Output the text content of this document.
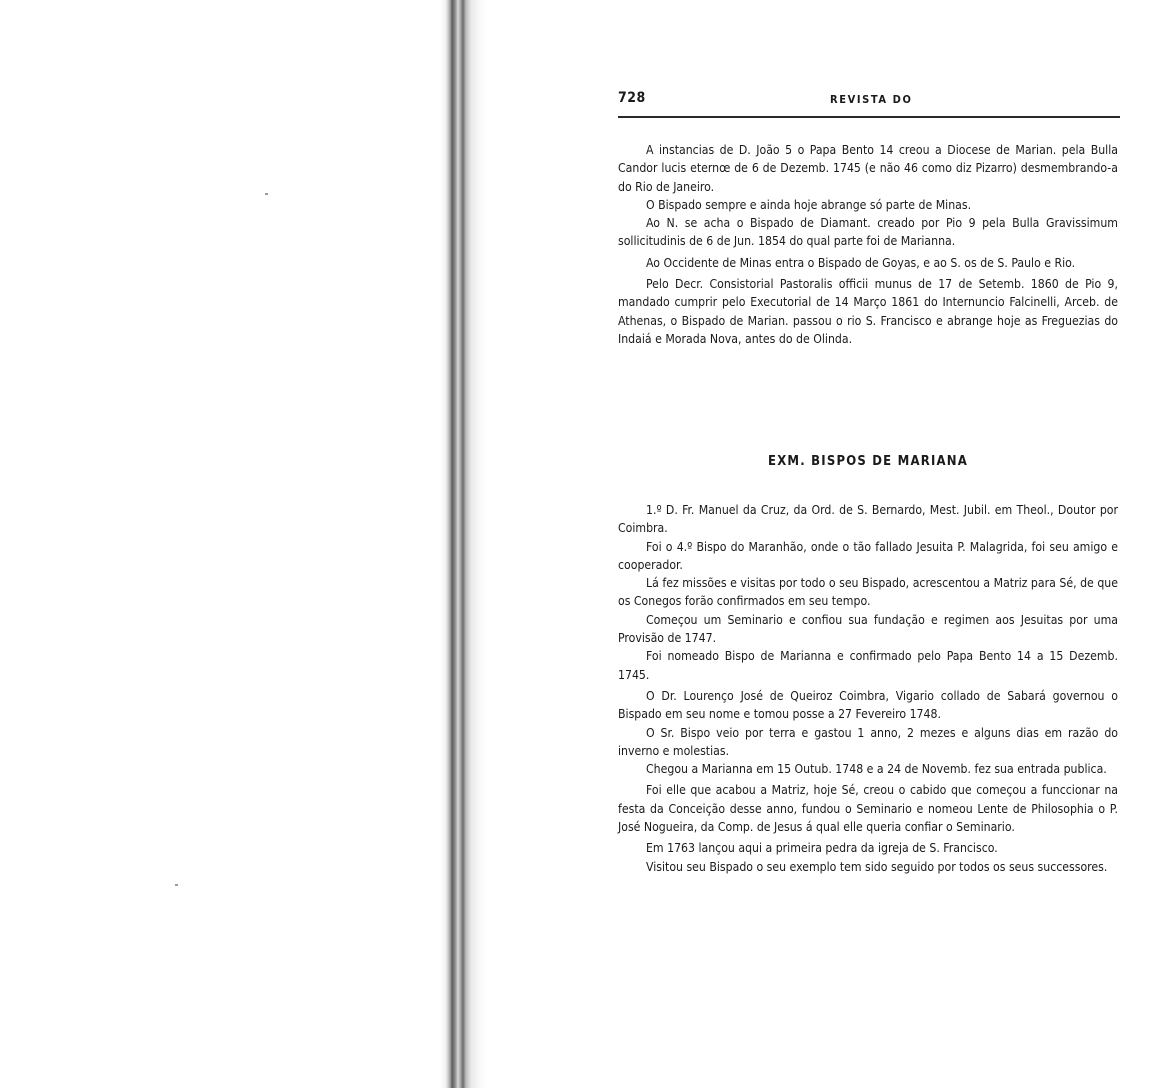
728	REVISTA DO

A instancias de D. João 5 o Papa Bento 14 creou a Diocese de Marian. pela Bulla Candor lucis eternœ de 6 de Dezemb. 1745 (e não 46 como diz Pizarro) desmembrando-a do Rio de Janeiro.

O Bispado sempre e ainda hoje abrange só parte de Minas.

Ao N. se acha o Bispado de Diamant. creado por Pio 9 pela Bulla Gravissimum sollicitudinis de 6 de Jun. 1854 do qual parte foi de Marianna.

Ao Occidente de Minas entra o Bispado de Goyas, e ao S. os de S. Paulo e Rio.

Pelo Decr. Consistorial Pastoralis officii munus de 17 de Setemb. 1860 de Pio 9, mandado cumprir pelo Executorial de 14 Março 1861 do Internuncio Falcinelli, Arceb. de Athenas, o Bispado de Marian. passou o rio S. Francisco e abrange hoje as Freguezias do Indaiá e Morada Nova, antes do de Olinda.

EXM. BISPOS DE MARIANA

1.º D. Fr. Manuel da Cruz, da Ord. de S. Bernardo, Mest. Jubil. em Theol., Doutor por Coimbra.

Foi o 4.º Bispo do Maranhão, onde o tão fallado Jesuita P. Malagrida, foi seu amigo e cooperador.

Lá fez missões e visitas por todo o seu Bispado, acrescentou a Matriz para Sé, de que os Conegos forão confirmados em seu tempo.

Começou um Seminario e confiou sua fundação e regimen aos Jesuitas por uma Provisão de 1747.

Foi nomeado Bispo de Marianna e confirmado pelo Papa Bento 14 a 15 Dezemb. 1745.

O Dr. Lourenço José de Queiroz Coimbra, Vigario collado de Sabará governou o Bispado em seu nome e tomou posse a 27 Fevereiro 1748.

O Sr. Bispo veio por terra e gastou 1 anno, 2 mezes e alguns dias em razão do inverno e molestias.

Chegou a Marianna em 15 Outub. 1748 e a 24 de Novemb. fez sua entrada publica.

Foi elle que acabou a Matriz, hoje Sé, creou o cabido que começou a funccionar na festa da Conceição desse anno, fundou o Seminario e nomeou Lente de Philosophia o P. José Nogueira, da Comp. de Jesus á qual elle queria confiar o Seminario.

Em 1763 lançou aqui a primeira pedra da igreja de S. Francisco.

Visitou seu Bispado o seu exemplo tem sido seguido por todos os seus successores.
